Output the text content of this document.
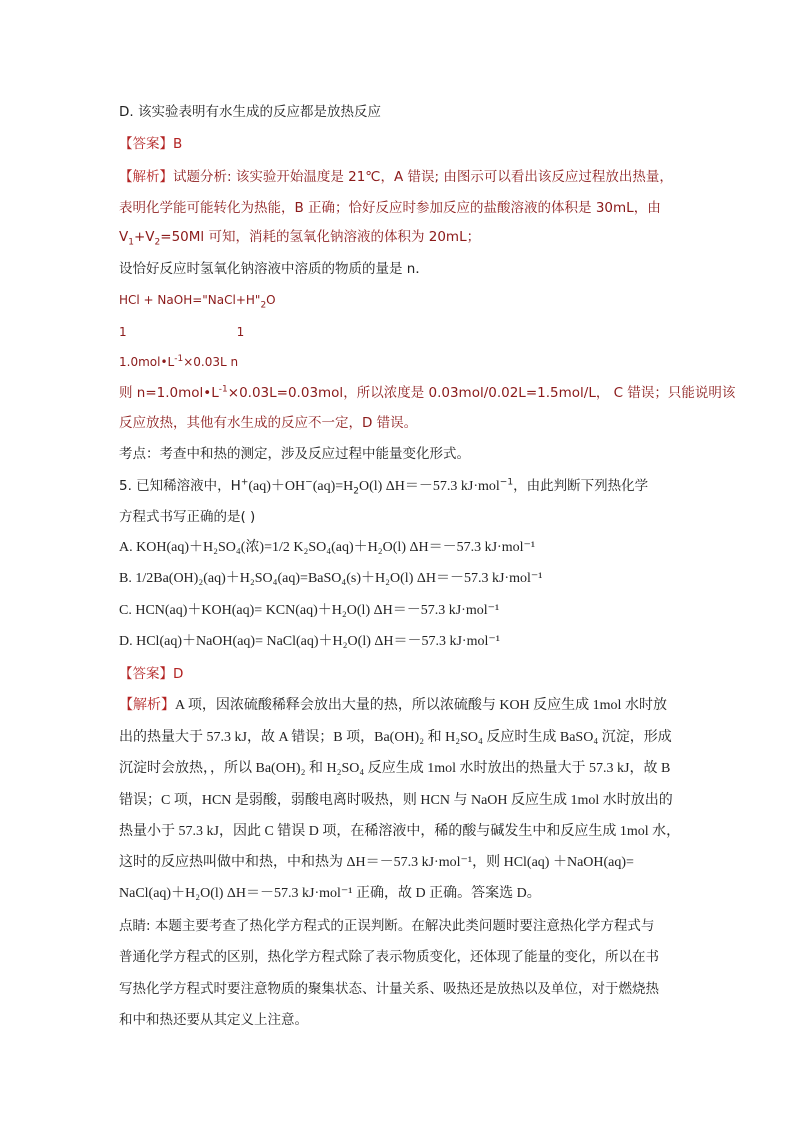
D. 该实验表明有水生成的反应都是放热反应
【答案】B
【解析】试题分析: 该实验开始温度是 21℃，A 错误; 由图示可以看出该反应过程放出热量，
表明化学能可能转化为热能，B 正确；恰好反应时参加反应的盐酸溶液的体积是 30mL，由
$V_1+V_2=50Ml$ 可知，消耗的氢氧化钠溶液的体积为 20mL；
设恰好反应时氢氧化钠溶液中溶质的物质的量是 n．
HCl + $NaOH="NaCl+H"_2O$
1	1
$1.0mol•L^{-1}\times 0.03L$ n
则 $n=1.0mol•L^{-1}\times 0.03L=0.03mol$，所以浓度是 0.03mol/0.02L=1.5mol/L， C 错误；只能说明该
反应放热，其他有水生成的反应不一定，D 错误。
考点：考查中和热的测定，涉及反应过程中能量变化形式。
5. 已知稀溶液中，$H^+(aq)+OH^-(aq)=H_2O(l)$ ΔH＝－57.3 kJ·mol$^{-1}$，由此判断下列热化学
方程式书写正确的是( )
A. KOH(aq)＋H₂SO₄(浓)=1/2 K₂SO₄(aq)＋H₂O(l) ΔH＝－57.3 kJ·mol⁻¹
B. 1/2Ba(OH)₂(aq)＋H₂SO₄(aq)=BaSO₄(s)＋H₂O(l) ΔH＝－57.3 kJ·mol⁻¹
C. HCN(aq)＋KOH(aq)= KCN(aq)＋H₂O(l) ΔH＝－57.3 kJ·mol⁻¹
D. HCl(aq)＋NaOH(aq)= NaCl(aq)＋H₂O(l) ΔH＝－57.3 kJ·mol⁻¹
【答案】D
【解析】A 项，因浓硫酸稀释会放出大量的热，所以浓硫酸与 KOH 反应生成 1mol 水时放
出的热量大于 57.3 kJ，故 A 错误；B 项，Ba(OH)₂ 和 H₂SO₄ 反应时生成 BaSO₄ 沉淀，形成
沉淀时会放热，，所以 Ba(OH)₂ 和 H₂SO₄ 反应生成 1mol 水时放出的热量大于 57.3 kJ，故 B
错误；C 项，HCN 是弱酸，弱酸电离时吸热，则 HCN 与 NaOH 反应生成 1mol 水时放出的
热量小于 57.3 kJ，因此 C 错误 D 项，在稀溶液中，稀的酸与碱发生中和反应生成 1mol 水，
这时的反应热叫做中和热，中和热为 ΔH＝－57.3 kJ·mol⁻¹，则 HCl(aq) ＋NaOH(aq)=
NaCl(aq)＋H₂O(l) ΔH＝－57.3 kJ·mol⁻¹ 正确，故 D 正确。答案选 D。
点睛: 本题主要考查了热化学方程式的正误判断。在解决此类问题时要注意热化学方程式与
普通化学方程式的区别，热化学方程式除了表示物质变化，还体现了能量的变化，所以在书
写热化学方程式时要注意物质的聚集状态、计量关系、吸热还是放热以及单位，对于燃烧热
和中和热还要从其定义上注意。
